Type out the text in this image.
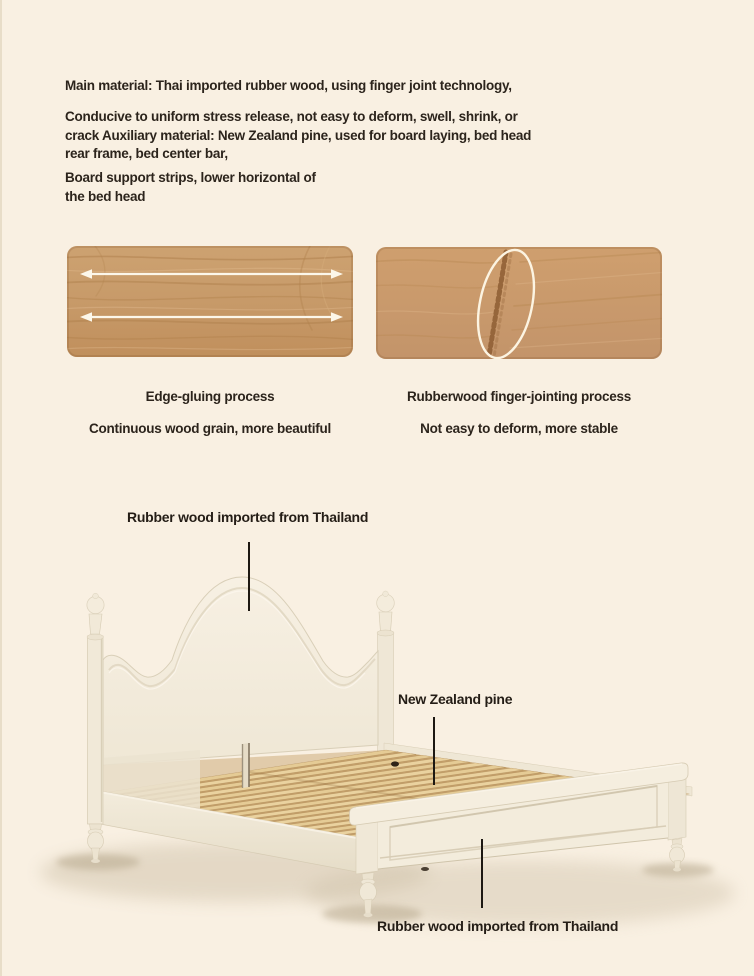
Main material: Thai imported rubber wood, using finger joint technology,
Conducive to uniform stress release, not easy to deform, swell, shrink, or
crack Auxiliary material: New Zealand pine, used for board laying, bed head
rear frame, bed center bar,
Board support strips, lower horizontal of
the bed head
Edge-gluing process	Rubberwood finger-jointing process
Continuous wood grain, more beautiful	Not easy to deform, more stable
Rubber wood imported from Thailand
New Zealand pine
Rubber wood imported from Thailand
